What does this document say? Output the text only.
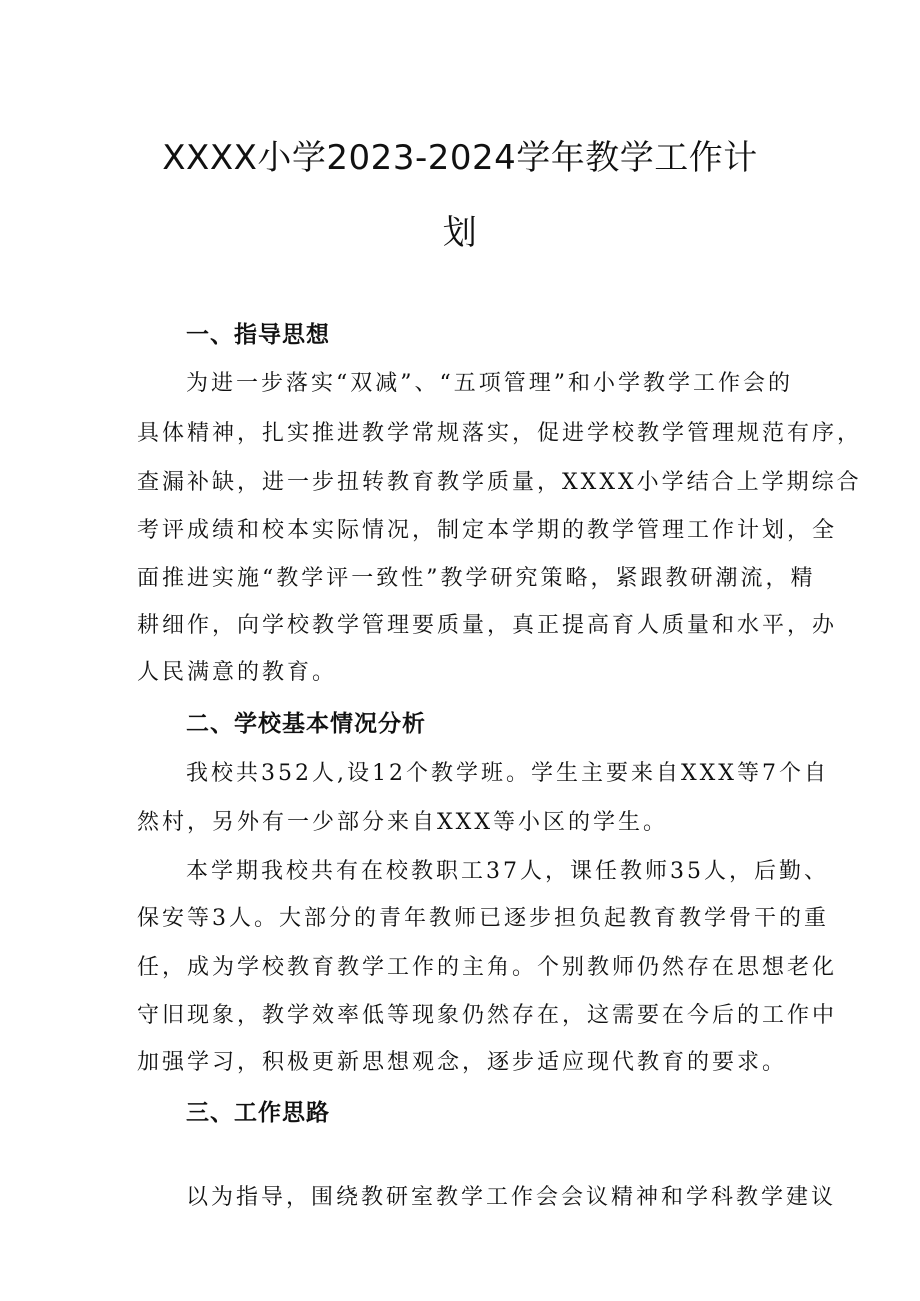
XXXX小学2023-2024学年教学工作计
划
一、指导思想
为进一步落实“双减”、“五项管理”和小学教学工作会的
具体精神，扎实推进教学常规落实，促进学校教学管理规范有序，
查漏补缺，进一步扭转教育教学质量，XXXX小学结合上学期综合
考评成绩和校本实际情况，制定本学期的教学管理工作计划，全
面推进实施“教学评一致性”教学研究策略，紧跟教研潮流，精
耕细作，向学校教学管理要质量，真正提高育人质量和水平，办
人民满意的教育。
二、学校基本情况分析
我校共352人,设12个教学班。学生主要来自XXX等7个自
然村，另外有一少部分来自XXX等小区的学生。
本学期我校共有在校教职工37人，课任教师35人，后勤、
保安等3人。大部分的青年教师已逐步担负起教育教学骨干的重
任，成为学校教育教学工作的主角。个别教师仍然存在思想老化
守旧现象，教学效率低等现象仍然存在，这需要在今后的工作中
加强学习，积极更新思想观念，逐步适应现代教育的要求。
三、工作思路
以为指导，围绕教研室教学工作会会议精神和学科教学建议
